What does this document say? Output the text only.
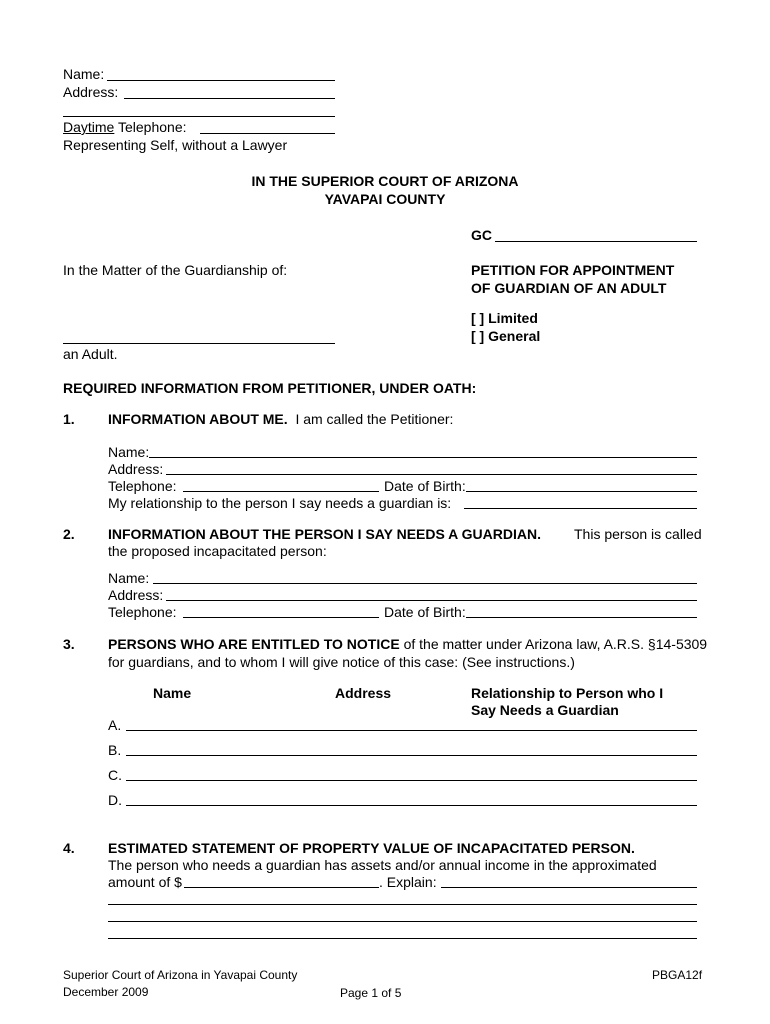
Name:
Address:
Daytime Telephone:
Representing Self, without a Lawyer
IN THE SUPERIOR COURT OF ARIZONA
YAVAPAI COUNTY
GC
In the Matter of the Guardianship of:	PETITION FOR APPOINTMENT
OF GUARDIAN OF AN ADULT
[ ] Limited
[ ] General
an Adult.
REQUIRED INFORMATION FROM PETITIONER, UNDER OATH:
1. INFORMATION ABOUT ME. I am called the Petitioner:
Name:
Address:
Telephone:	Date of Birth:
My relationship to the person I say needs a guardian is:
2. INFORMATION ABOUT THE PERSON I SAY NEEDS A GUARDIAN. This person is called
the proposed incapacitated person:
Name:
Address:
Telephone:	Date of Birth:
3. PERSONS WHO ARE ENTITLED TO NOTICE of the matter under Arizona law, A.R.S. §14-5309
for guardians, and to whom I will give notice of this case: (See instructions.)
Name	Address	Relationship to Person who I
Say Needs a Guardian
A.
B.
C.
D.
4. ESTIMATED STATEMENT OF PROPERTY VALUE OF INCAPACITATED PERSON.
The person who needs a guardian has assets and/or annual income in the approximated
amount of $	. Explain:
Superior Court of Arizona in Yavapai County
December 2009	Page 1 of 5
PBGA12f
